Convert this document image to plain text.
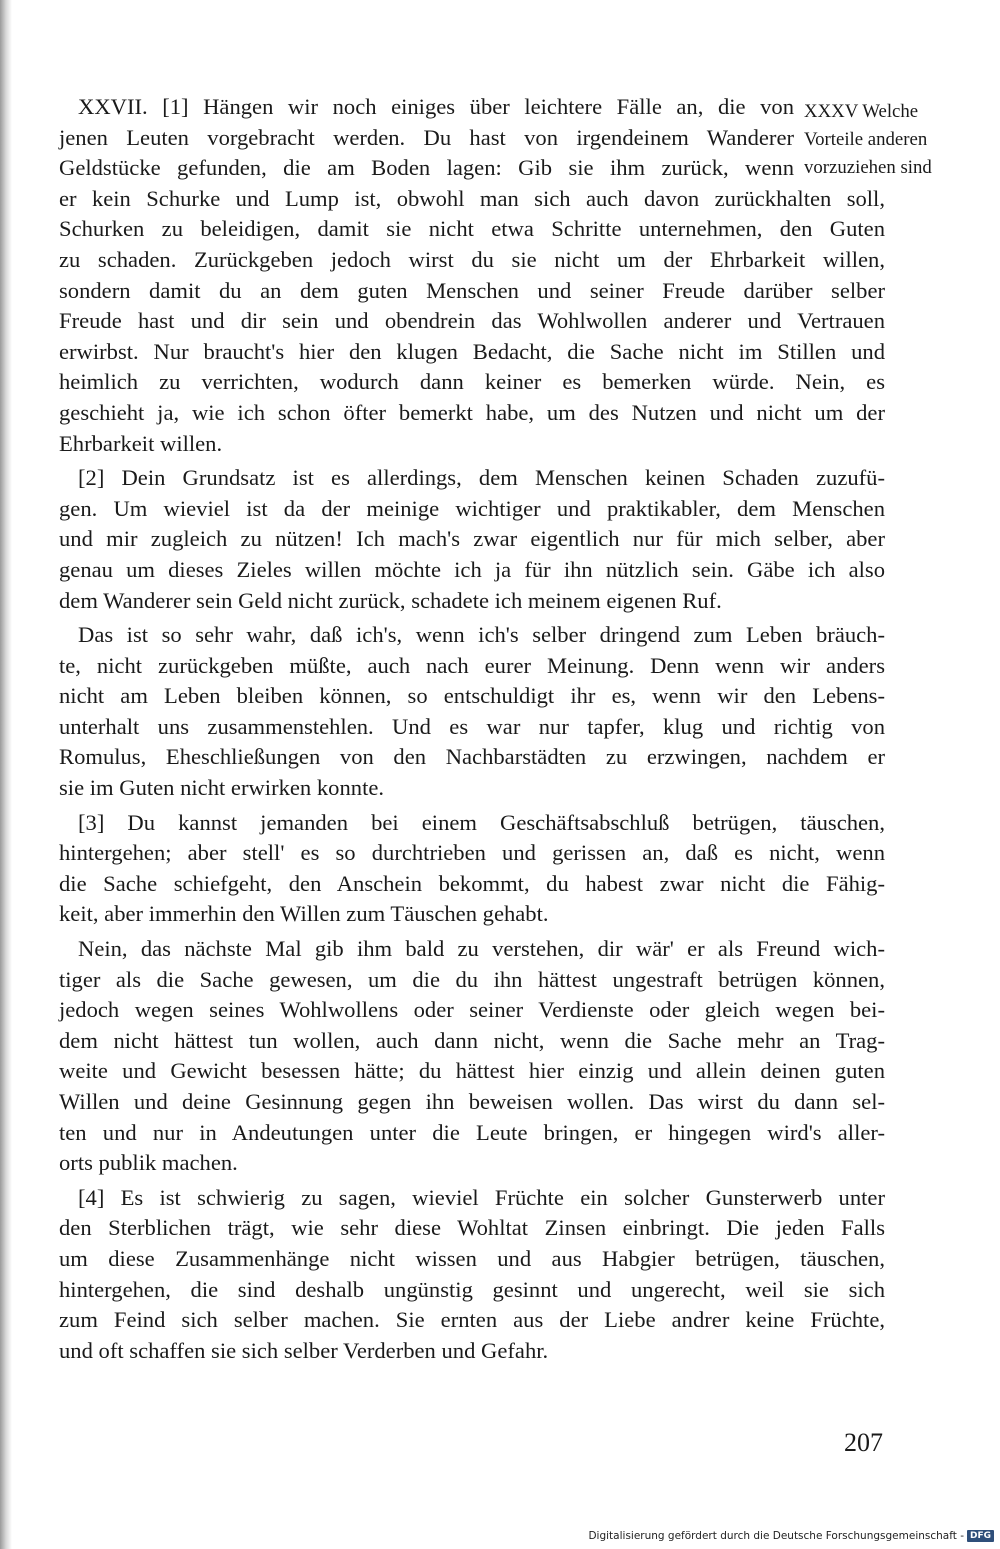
XXXV Welche
Vorteile anderen
vorzuziehen sind
XXVII. [1] Hängen wir noch einiges über leichtere Fälle an, die von
jenen Leuten vorgebracht werden. Du hast von irgendeinem Wanderer
Geldstücke gefunden, die am Boden lagen: Gib sie ihm zurück, wenn
er kein Schurke und Lump ist, obwohl man sich auch davon zurückhalten soll,
Schurken zu beleidigen, damit sie nicht etwa Schritte unternehmen, den Guten
zu schaden. Zurückgeben jedoch wirst du sie nicht um der Ehrbarkeit willen,
sondern damit du an dem guten Menschen und seiner Freude darüber selber
Freude hast und dir sein und obendrein das Wohlwollen anderer und Vertrauen
erwirbst. Nur braucht's hier den klugen Bedacht, die Sache nicht im Stillen und
heimlich zu verrichten, wodurch dann keiner es bemerken würde. Nein, es
geschieht ja, wie ich schon öfter bemerkt habe, um des Nutzen und nicht um der
Ehrbarkeit willen.
[2] Dein Grundsatz ist es allerdings, dem Menschen keinen Schaden zuzufü-
gen. Um wieviel ist da der meinige wichtiger und praktikabler, dem Menschen
und mir zugleich zu nützen! Ich mach's zwar eigentlich nur für mich selber, aber
genau um dieses Zieles willen möchte ich ja für ihn nützlich sein. Gäbe ich also
dem Wanderer sein Geld nicht zurück, schadete ich meinem eigenen Ruf.
Das ist so sehr wahr, daß ich's, wenn ich's selber dringend zum Leben bräuch-
te, nicht zurückgeben müßte, auch nach eurer Meinung. Denn wenn wir anders
nicht am Leben bleiben können, so entschuldigt ihr es, wenn wir den Lebens-
unterhalt uns zusammenstehlen. Und es war nur tapfer, klug und richtig von
Romulus, Eheschließungen von den Nachbarstädten zu erzwingen, nachdem er
sie im Guten nicht erwirken konnte.
[3] Du kannst jemanden bei einem Geschäftsabschluß betrügen, täuschen,
hintergehen; aber stell' es so durchtrieben und gerissen an, daß es nicht, wenn
die Sache schiefgeht, den Anschein bekommt, du habest zwar nicht die Fähig-
keit, aber immerhin den Willen zum Täuschen gehabt.
Nein, das nächste Mal gib ihm bald zu verstehen, dir wär' er als Freund wich-
tiger als die Sache gewesen, um die du ihn hättest ungestraft betrügen können,
jedoch wegen seines Wohlwollens oder seiner Verdienste oder gleich wegen bei-
dem nicht hättest tun wollen, auch dann nicht, wenn die Sache mehr an Trag-
weite und Gewicht besessen hätte; du hättest hier einzig und allein deinen guten
Willen und deine Gesinnung gegen ihn beweisen wollen. Das wirst du dann sel-
ten und nur in Andeutungen unter die Leute bringen, er hingegen wird's aller-
orts publik machen.
[4] Es ist schwierig zu sagen, wieviel Früchte ein solcher Gunsterwerb unter
den Sterblichen trägt, wie sehr diese Wohltat Zinsen einbringt. Die jeden Falls
um diese Zusammenhänge nicht wissen und aus Habgier betrügen, täuschen,
hintergehen, die sind deshalb ungünstig gesinnt und ungerecht, weil sie sich
zum Feind sich selber machen. Sie ernten aus der Liebe andrer keine Früchte,
und oft schaffen sie sich selber Verderben und Gefahr.
207
Digitalisierung gefördert durch die Deutsche Forschungsgemeinschaft - DFG
